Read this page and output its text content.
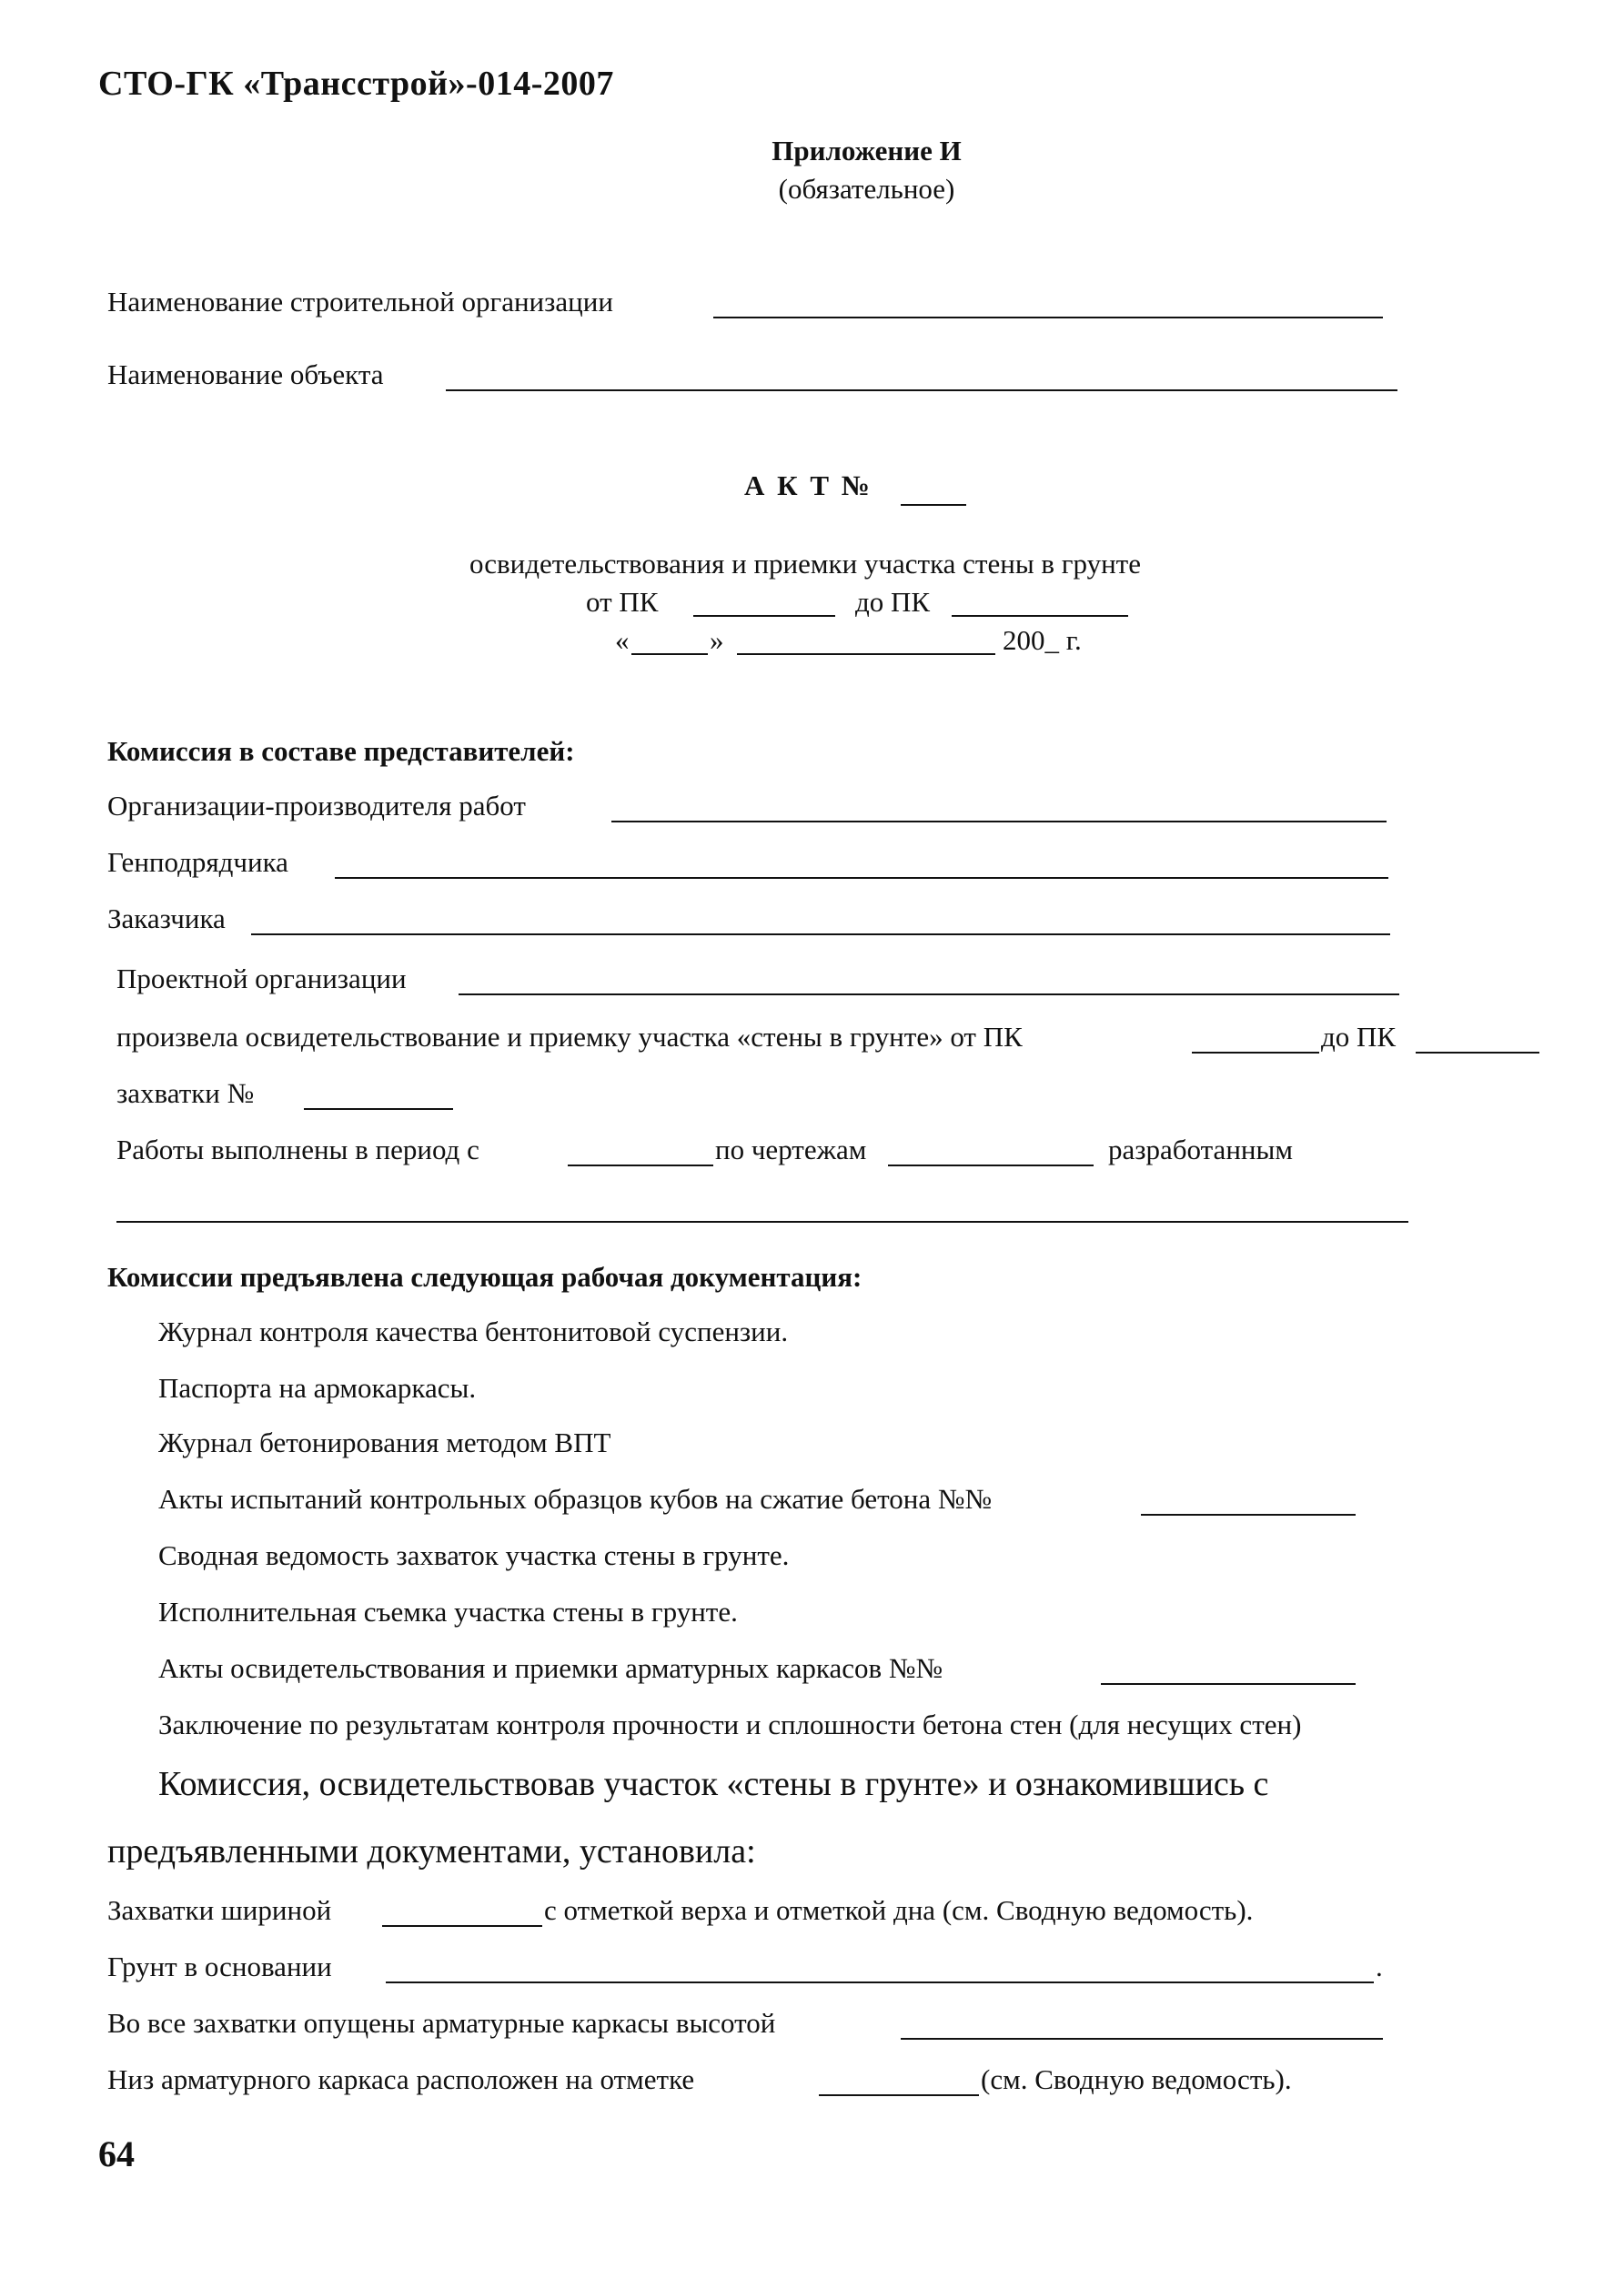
СТО-ГК «Трансстрой»-014-2007
Приложение И
(обязательное)
Наименование строительной организации
Наименование объекта
А К Т №
освидетельствования и приемки участка стены в грунте
от ПК	до ПК
«	»	200_ г.
Комиссия в составе представителей:
Организации-производителя работ
Генподрядчика
Заказчика
Проектной организации
произвела освидетельствование и приемку участка «стены в грунте» от ПК	до ПК
захватки №
Работы выполнены в период с	по чертежам	разработанным
Комиссии предъявлена следующая рабочая документация:
Журнал контроля качества бентонитовой суспензии.
Паспорта на армокаркасы.
Журнал бетонирования методом ВПТ
Акты испытаний контрольных образцов кубов на сжатие бетона №№
Сводная ведомость захваток участка стены в грунте.
Исполнительная съемка участка стены в грунте.
Акты освидетельствования и приемки арматурных каркасов №№
Заключение по результатам контроля прочности и сплошности бетона стен (для несущих стен)
Комиссия, освидетельствовав участок «стены в грунте» и ознакомившись с
предъявленными документами, установила:
Захватки шириной	с отметкой верха и отметкой дна (см. Сводную ведомость).
Грунт в основании	.
Во все захватки опущены арматурные каркасы высотой
Низ арматурного каркаса расположен на отметке	(см. Сводную ведомость).
64
